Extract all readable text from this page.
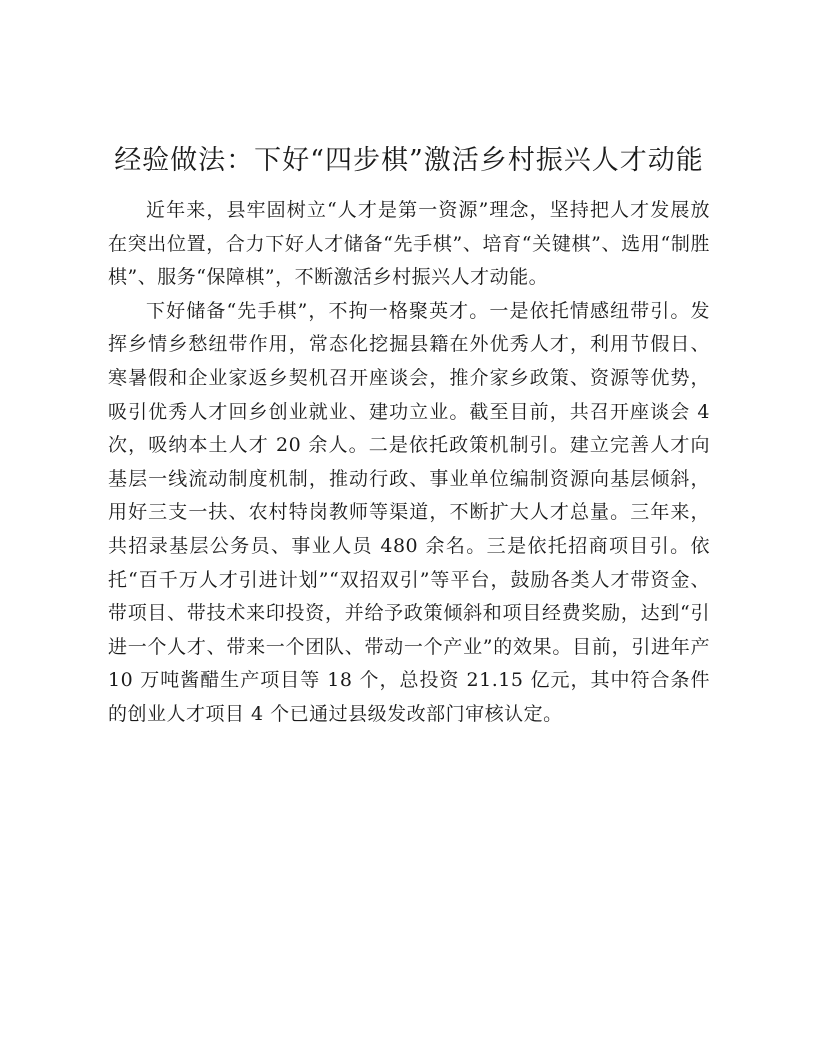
经验做法：下好“四步棋”激活乡村振兴人才动能

近年来，县牢固树立“人才是第一资源”理念，坚持把人才发展放在突出位置，合力下好人才储备“先手棋”、培育“关键棋”、选用“制胜棋”、服务“保障棋”，不断激活乡村振兴人才动能。

下好储备“先手棋”，不拘一格聚英才。一是依托情感纽带引。发挥乡情乡愁纽带作用，常态化挖掘县籍在外优秀人才，利用节假日、寒暑假和企业家返乡契机召开座谈会，推介家乡政策、资源等优势，吸引优秀人才回乡创业就业、建功立业。截至目前，共召开座谈会 4 次，吸纳本土人才 20 余人。二是依托政策机制引。建立完善人才向基层一线流动制度机制，推动行政、事业单位编制资源向基层倾斜，用好三支一扶、农村特岗教师等渠道，不断扩大人才总量。三年来，共招录基层公务员、事业人员 480 余名。三是依托招商项目引。依托“百千万人才引进计划”“双招双引”等平台，鼓励各类人才带资金、带项目、带技术来印投资，并给予政策倾斜和项目经费奖励，达到“引进一个人才、带来一个团队、带动一个产业”的效果。目前，引进年产 10 万吨酱醋生产项目等 18 个，总投资 21.15 亿元，其中符合条件的创业人才项目 4 个已通过县级发改部门审核认定。
